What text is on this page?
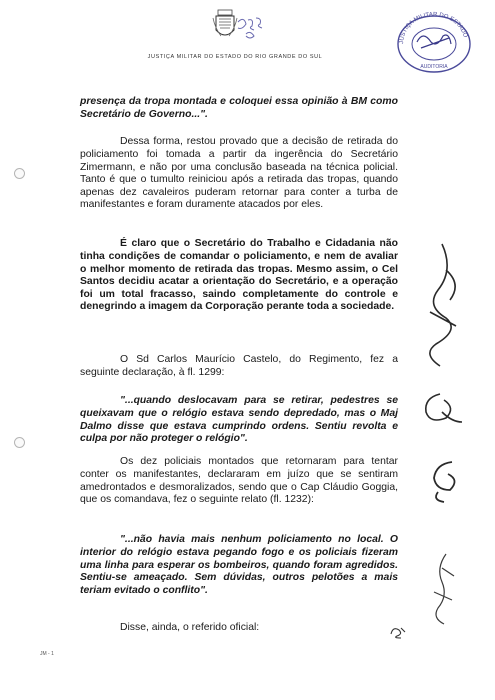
JUSTIÇA MILITAR DO ESTADO DO RIO GRANDE DO SUL
JUSTIÇA MILITAR DO ESTADO
AUDITORIA

presença da tropa montada e coloquei essa opinião à BM como Secretário de Governo...".

Dessa forma, restou provado que a decisão de retirada do policiamento foi tomada a partir da ingerência do Secretário Zimermann, e não por uma conclusão baseada na técnica policial. Tanto é que o tumulto reiniciou após a retirada das tropas, quando apenas dez cavaleiros puderam retornar para conter a turba de manifestantes e foram duramente atacados por eles.

É claro que o Secretário do Trabalho e Cidadania não tinha condições de comandar o policiamento, e nem de avaliar o melhor momento de retirada das tropas. Mesmo assim, o Cel Santos decidiu acatar a orientação do Secretário, e a operação foi um total fracasso, saindo completamente do controle e denegrindo a imagem da Corporação perante toda a sociedade.

O Sd Carlos Maurício Castelo, do Regimento, fez a seguinte declaração, à fl. 1299:

"...quando deslocavam para se retirar, pedestres se queixavam que o relógio estava sendo depredado, mas o Maj Dalmo disse que estava cumprindo ordens. Sentiu revolta e culpa por não proteger o relógio".

Os dez policiais montados que retornaram para tentar conter os manifestantes, declararam em juízo que se sentiram amedrontados e desmoralizados, sendo que o Cap Cláudio Goggia, que os comandava, fez o seguinte relato (fl. 1232):

"...não havia mais nenhum policiamento no local. O interior do relógio estava pegando fogo e os policiais fizeram uma linha para esperar os bombeiros, quando foram agredidos. Sentiu-se ameaçado. Sem dúvidas, outros pelotões a mais teriam evitado o conflito".

Disse, ainda, o referido oficial:

JM - 1
